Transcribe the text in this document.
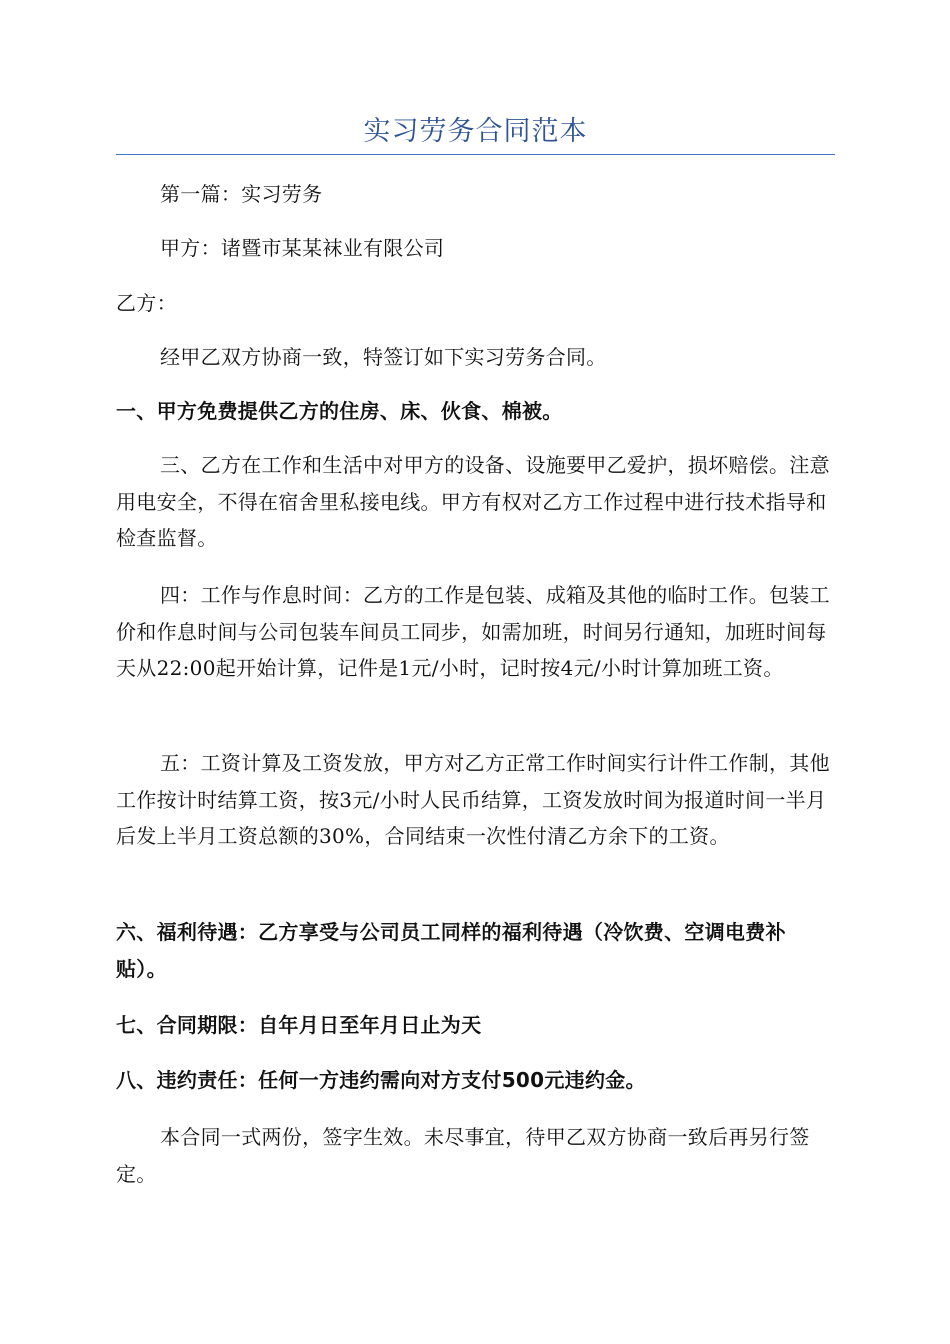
实习劳务合同范本

第一篇：实习劳务

甲方：诸暨市某某袜业有限公司

乙方：

经甲乙双方协商一致，特签订如下实习劳务合同。

一、甲方免费提供乙方的住房、床、伙食、棉被。

三、乙方在工作和生活中对甲方的设备、设施要甲乙爱护，损坏赔偿。注意用电安全，不得在宿舍里私接电线。甲方有权对乙方工作过程中进行技术指导和检查监督。

四：工作与作息时间：乙方的工作是包装、成箱及其他的临时工作。包装工价和作息时间与公司包装车间员工同步，如需加班，时间另行通知，加班时间每天从22:00起开始计算，记件是1元/小时，记时按4元/小时计算加班工资。

五：工资计算及工资发放，甲方对乙方正常工作时间实行计件工作制，其他工作按计时结算工资，按3元/小时人民币结算，工资发放时间为报道时间一半月后发上半月工资总额的30%，合同结束一次性付清乙方余下的工资。

六、福利待遇：乙方享受与公司员工同样的福利待遇（冷饮费、空调电费补贴）。

七、合同期限：自年月日至年月日止为天

八、违约责任：任何一方违约需向对方支付500元违约金。

本合同一式两份，签字生效。未尽事宜，待甲乙双方协商一致后再另行签定。
